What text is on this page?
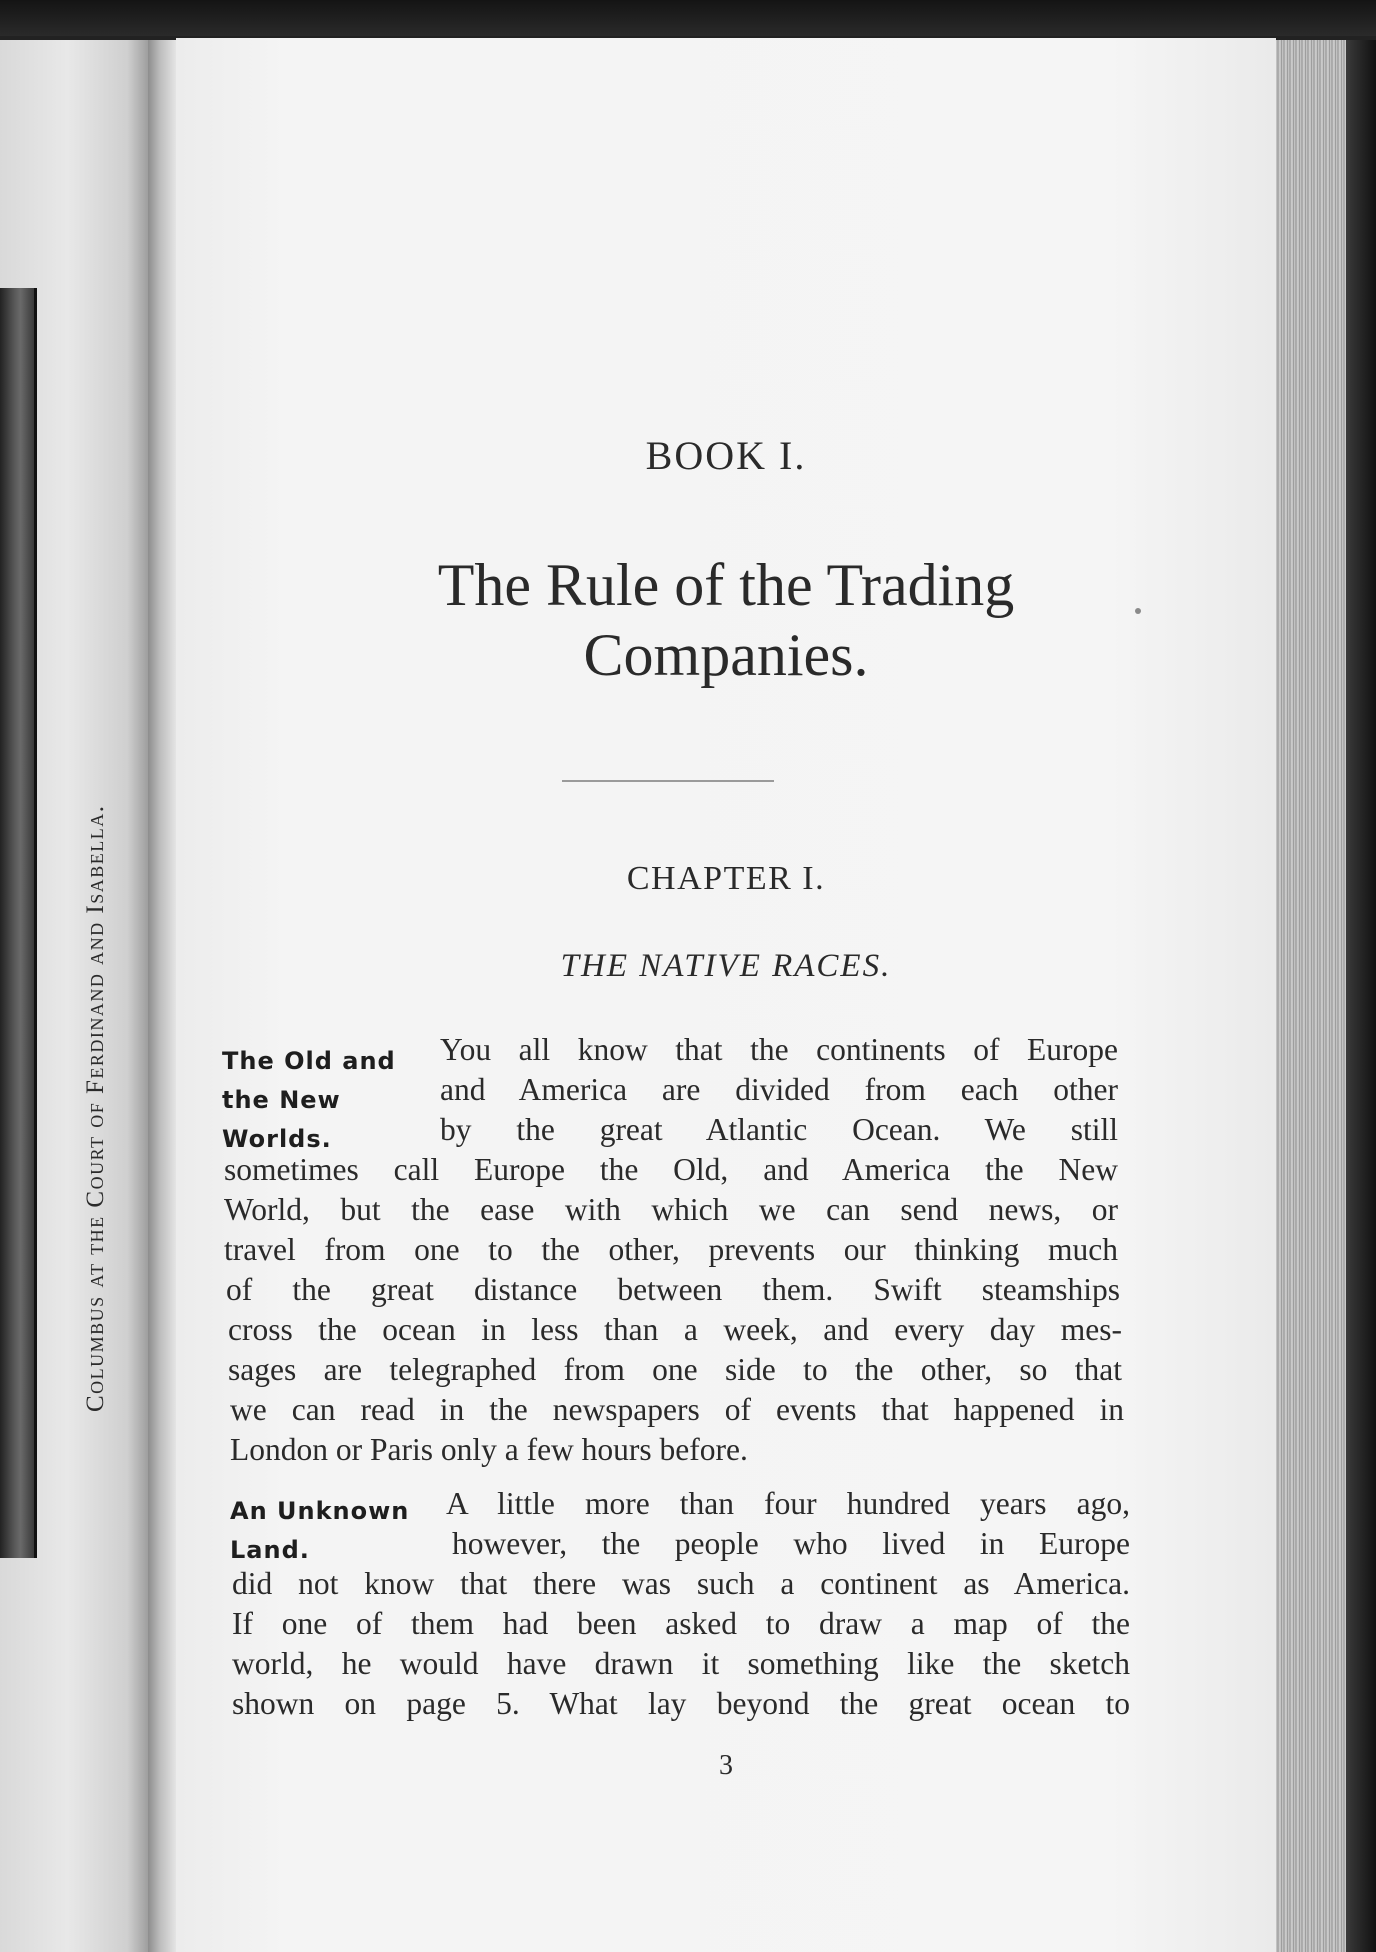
Columbus at the Court of Ferdinand and Isabella.
BOOK I.
The Rule of the Trading
Companies.
CHAPTER I.
THE NATIVE RACES.
The Old and
the New
Worlds.
You all know that the continents of Europe
and America are divided from each other
by the great Atlantic Ocean. We still
sometimes call Europe the Old, and America the New
World, but the ease with which we can send news, or
travel from one to the other, prevents our thinking much
of the great distance between them. Swift steamships
cross the ocean in less than a week, and every day mes-
sages are telegraphed from one side to the other, so that
we can read in the newspapers of events that happened in
London or Paris only a few hours before.
An Unknown
Land.
A little more than four hundred years ago,
however, the people who lived in Europe
did not know that there was such a continent as America.
If one of them had been asked to draw a map of the
world, he would have drawn it something like the sketch
shown on page 5. What lay beyond the great ocean to
3
